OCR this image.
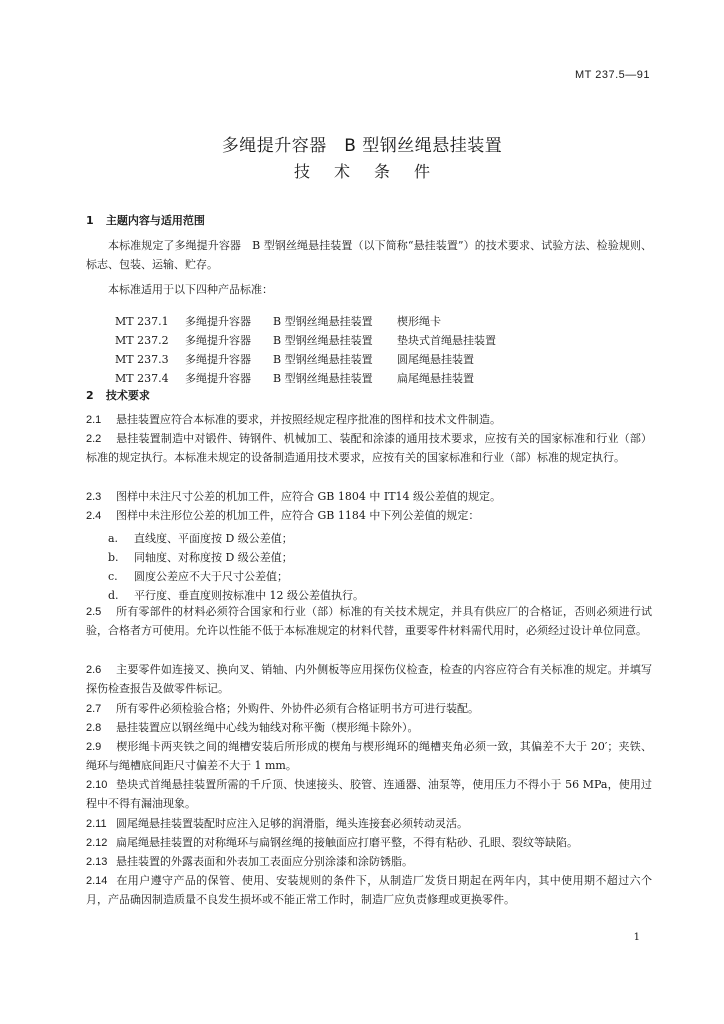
MT 237.5—91
多绳提升容器　B 型钢丝绳悬挂装置
技术条件
1 主题内容与适用范围
本标准规定了多绳提升容器　B 型钢丝绳悬挂装置（以下简称“悬挂装置”）的技术要求、试验方法、检验规则、标志、包装、运输、贮存。
本标准适用于以下四种产品标准：

MT 237.1 多绳提升容器 B 型钢丝绳悬挂装置 楔形绳卡

MT 237.2 多绳提升容器 B 型钢丝绳悬挂装置 垫块式首绳悬挂装置

MT 237.3 多绳提升容器 B 型钢丝绳悬挂装置 圆尾绳悬挂装置

MT 237.4 多绳提升容器 B 型钢丝绳悬挂装置 扁尾绳悬挂装置

2 技术要求
2.1 悬挂装置应符合本标准的要求，并按照经规定程序批准的图样和技术文件制造。
2.2 悬挂装置制造中对锻件、铸钢件、机械加工、装配和涂漆的通用技术要求，应按有关的国家标准和行业（部）标准的规定执行。本标准未规定的设备制造通用技术要求，应按有关的国家标准和行业（部）标准的规定执行。
2.3 图样中未注尺寸公差的机加工件，应符合 GB 1804 中 IT14 级公差值的规定。
2.4 图样中未注形位公差的机加工件，应符合 GB 1184 中下列公差值的规定：
a. 直线度、平面度按 D 级公差值；
b. 同轴度、对称度按 D 级公差值；
c. 圆度公差应不大于尺寸公差值；
d. 平行度、垂直度则按标准中 12 级公差值执行。
2.5 所有零部件的材料必须符合国家和行业（部）标准的有关技术规定，并具有供应厂的合格证，否则必须进行试验，合格者方可使用。允许以性能不低于本标准规定的材料代替，重要零件材料需代用时，必须经过设计单位同意。
2.6 主要零件如连接叉、换向叉、销轴、内外侧板等应用探伤仪检查，检查的内容应符合有关标准的规定。并填写探伤检查报告及做零件标记。
2.7 所有零件必须检验合格；外购件、外协件必须有合格证明书方可进行装配。
2.8 悬挂装置应以钢丝绳中心线为轴线对称平衡（楔形绳卡除外）。
2.9 楔形绳卡两夹铁之间的绳槽安装后所形成的楔角与楔形绳环的绳槽夹角必须一致，其偏差不大于 20′；夹铁、绳环与绳槽底间距尺寸偏差不大于 1 mm。
2.10 垫块式首绳悬挂装置所需的千斤顶、快速接头、胶管、连通器、油泵等，使用压力不得小于 56 MPa，使用过程中不得有漏油现象。
2.11 圆尾绳悬挂装置装配时应注入足够的润滑脂，绳头连接套必须转动灵活。
2.12 扁尾绳悬挂装置的对称绳环与扁钢丝绳的接触面应打磨平整，不得有粘砂、孔眼、裂纹等缺陷。
2.13 悬挂装置的外露表面和外表加工表面应分别涂漆和涂防锈脂。
2.14 在用户遵守产品的保管、使用、安装规则的条件下，从制造厂发货日期起在两年内，其中使用期不超过六个月，产品确因制造质量不良发生损坏或不能正常工作时，制造厂应负责修理或更换零件。
1
